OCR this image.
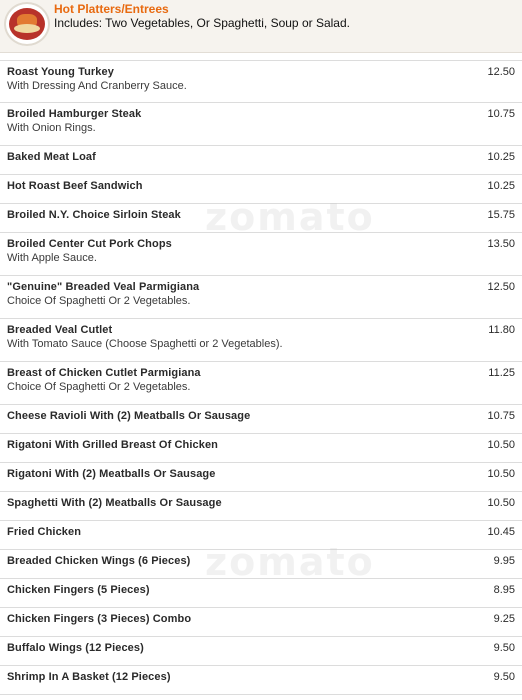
Hot Platters/Entrees
Includes: Two Vegetables, Or Spaghetti, Soup or Salad.
Roast Young Turkey
With Dressing And Cranberry Sauce.
12.50
Broiled Hamburger Steak
With Onion Rings.
10.75
Baked Meat Loaf	10.25
Hot Roast Beef Sandwich	10.25
Broiled N.Y. Choice Sirloin Steak	15.75
Broiled Center Cut Pork Chops
With Apple Sauce.
13.50
"Genuine" Breaded Veal Parmigiana
Choice Of Spaghetti Or 2 Vegetables.
12.50
Breaded Veal Cutlet
With Tomato Sauce (Choose Spaghetti or 2 Vegetables).
11.80
Breast of Chicken Cutlet Parmigiana
Choice Of Spaghetti Or 2 Vegetables.
11.25
Cheese Ravioli With (2) Meatballs Or Sausage	10.75
Rigatoni With Grilled Breast Of Chicken	10.50
Rigatoni With (2) Meatballs Or Sausage	10.50
Spaghetti With (2) Meatballs Or Sausage	10.50
Fried Chicken	10.45
Breaded Chicken Wings (6 Pieces)	9.95
Chicken Fingers (5 Pieces)	8.95
Chicken Fingers (3 Pieces) Combo	9.25
Buffalo Wings (12 Pieces)	9.50
Shrimp In A Basket (12 Pieces)	9.50
zomato
zomato
